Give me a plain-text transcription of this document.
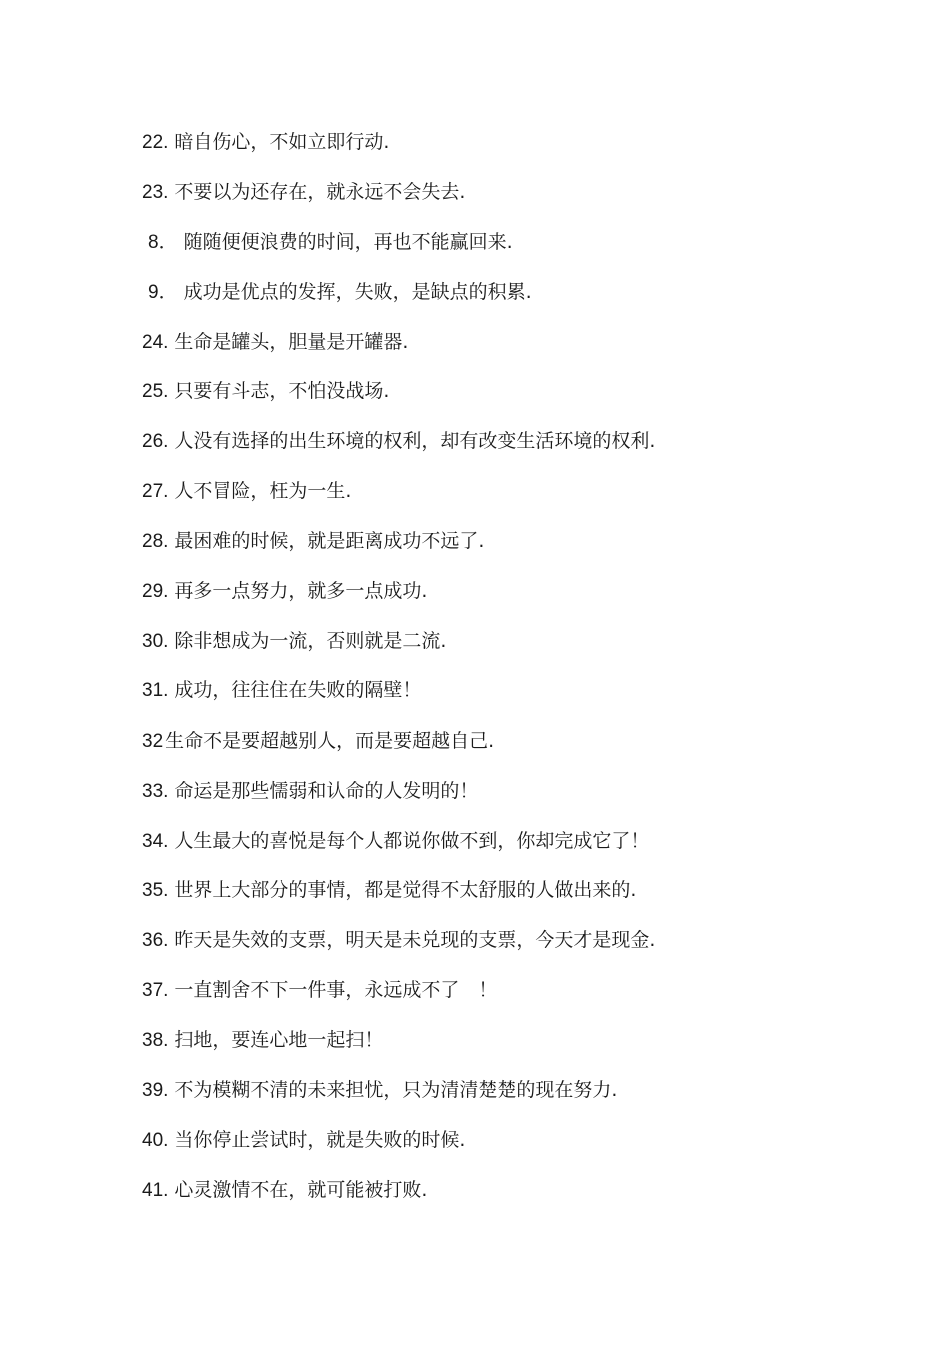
22. 暗自伤心，不如立即行动.
23. 不要以为还存在，就永远不会失去.
8． 随随便便浪费的时间，再也不能赢回来.
9． 成功是优点的发挥，失败，是缺点的积累.
24. 生命是罐头，胆量是开罐器.
25. 只要有斗志，不怕没战场.
26. 人没有选择的出生环境的权利，却有改变生活环境的权利.
27. 人不冒险，枉为一生.
28. 最困难的时候，就是距离成功不远了.
29. 再多一点努力，就多一点成功.
30. 除非想成为一流，否则就是二流.
31. 成功，往往住在失败的隔壁！
32 生命不是要超越别人，而是要超越自己.
33. 命运是那些懦弱和认命的人发明的！
34. 人生最大的喜悦是每个人都说你做不到，你却完成它了！
35. 世界上大部分的事情，都是觉得不太舒服的人做出来的.
36. 昨天是失效的支票，明天是未兑现的支票，今天才是现金.
37. 一直割舍不下一件事，永远成不了　！
38. 扫地，要连心地一起扫！
39. 不为模糊不清的未来担忧，只为清清楚楚的现在努力.
40. 当你停止尝试时，就是失败的时候.
41. 心灵激情不在，就可能被打败.
